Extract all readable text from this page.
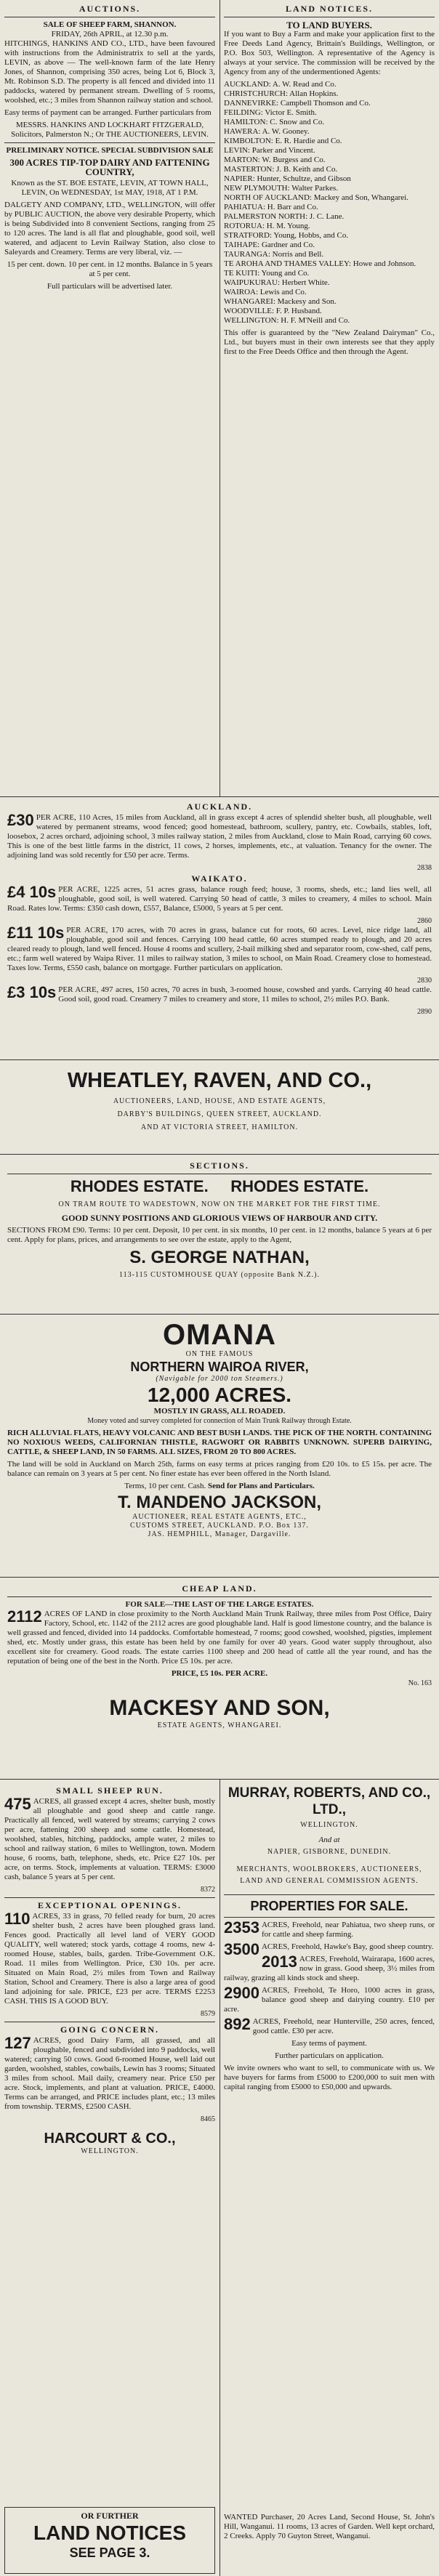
AUCTIONS.
SALE OF SHEEP FARM, SHANNON.
FRIDAY, 26th APRIL, at 12.30 p.m.

HITCHINGS, HANKINS AND CO., LTD., have been favoured with instructions from the Administratrix to sell at the yards, LEVIN, as above — The well-known farm of the late Henry Jones, of Shannon, comprising 350 acres, being Lot 6, Block 3, Mt. Robinson S.D. The property is all fenced and divided into 11 paddocks, watered by permanent stream. Dwelling of 5 rooms, woolshed, etc.; 3 miles from Shannon railway station and school.

Easy terms of payment can be arranged. Further particulars from

MESSRS. HANKINS AND LOCKHART FITZGERALD, Solicitors, Palmerston N.; Or THE AUCTIONEERS, LEVIN.

PRELIMINARY NOTICE. SPECIAL SUBDIVISION SALE
300 ACRES TIP-TOP DAIRY AND FATTENING COUNTRY,

Known as the ST. BOE ESTATE, LEVIN, AT TOWN HALL, LEVIN, On WEDNESDAY, 1st MAY, 1918, AT 1 P.M.

DALGETY AND COMPANY, LTD., WELLINGTON, will offer by PUBLIC AUCTION, the above very desirable Property, which is being Subdivided into 8 convenient Sections, ranging from 25 to 120 acres. The land is all flat and ploughable, good soil, well watered, and adjacent to Levin Railway Station, also close to Saleyards and Creamery. Terms are very liberal, viz. —

15 per cent. down. 10 per cent. in 12 months. Balance in 5 years at 5 per cent.

Full particulars will be advertised later.

LAND NOTICES.
TO LAND BUYERS.

If you want to Buy a Farm and make your application first to the Free Deeds Land Agency, Brittain's Buildings, Wellington, or P.O. Box 503, Wellington. A representative of the Agency is always at your service. The commission will be received by the Agency from any of the undermentioned Agents:

AUCKLAND: A. W. Read and Co.
CHRISTCHURCH: Allan Hopkins.
DANNEVIRKE: Campbell Thomson and Co.
FEILDING: Victor E. Smith.
HAMILTON: C. Snow and Co.
HAWERA: A. W. Gooney.
KIMBOLTON: E. R. Hardie and Co.
LEVIN: Parker and Vincent.
MARTON: W. Burgess and Co.
MASTERTON: J. B. Keith and Co.
NAPIER: Hunter, Schultze, and Gibson
NEW PLYMOUTH: Walter Parkes.
NORTH OF AUCKLAND: Mackey and Son, Whangarei.
PAHIATUA: H. Barr and Co.
PALMERSTON NORTH: J. C. Lane.
ROTORUA: H. M. Young.
STRATFORD: Young, Hobbs, and Co.
TAIHAPE: Gardner and Co.
TAURANGA: Norris and Bell.
TE AROHA AND THAMES VALLEY: Howe and Johnson.
TE KUITI: Young and Co.
WAIPUKURAU: Herbert White.
WAIROA: Lewis and Co.
WHANGAREI: Mackesy and Son.
WOODVILLE: F. P. Husband.
WELLINGTON: H. F. M'Neill and Co.

This offer is guaranteed by the "New Zealand Dairyman" Co., Ltd., but buyers must in their own interests see that they apply first to the Free Deeds Office and then through the Agent.

AUCKLAND.

£30 PER ACRE, 110 Acres, 15 miles from Auckland, all in grass except 4 acres of splendid shelter bush, all ploughable, well watered by permanent streams, wood fenced; good homestead, bathroom, scullery, pantry, etc. Cowbails, stables, loft, loosebox, 2 acres orchard, adjoining school, 3 miles railway station, 2 miles from Auckland, close to Main Road, carrying 60 cows. This is one of the best little farms in the district, 11 cows, 2 horses, implements, etc., at valuation. Tenancy for the owner. The adjoining land was sold recently for £50 per acre. Terms.

2838
WAIKATO.

£4 10s PER ACRE, 1225 acres, 51 acres grass, balance rough feed; house, 3 rooms, sheds, etc.; land lies well, all ploughable, good soil, is well watered. Carrying 50 head of cattle, 3 miles to creamery, 4 miles to school. Main Road. Rates low. Terms: £350 cash down, £557, Balance, £5000, 5 years at 5 per cent.

2860

£11 10s PER ACRE, 170 acres, with 70 acres in grass, balance cut for roots, 60 acres. Level, nice ridge land, all ploughable, good soil and fences. Carrying 100 head cattle, 60 acres stumped ready to plough, and 20 acres cleared ready to plough, land well fenced. House 4 rooms and scullery, 2-bail milking shed and separator room, cow-shed, calf pens, etc.; farm well watered by Waipa River. 11 miles to railway station, 3 miles to school, on Main Road. Creamery close to homestead. Taxes low. Terms, £550 cash, balance on mortgage. Further particulars on application.

2830

£3 10s PER ACRE, 497 acres, 150 acres, 70 acres in bush, 3-roomed house, cowshed and yards. Carrying 40 head cattle. Good soil, good road. Creamery 7 miles to creamery and store, 11 miles to school, 2½ miles P.O. Bank.

2890
WHEATLEY, RAVEN, AND CO.,
AUCTIONEERS, LAND, HOUSE, AND ESTATE AGENTS,
DARBY'S BUILDINGS, QUEEN STREET, AUCKLAND.
AND AT VICTORIA STREET, HAMILTON.
SECTIONS.
RHODES ESTATE.     RHODES ESTATE.
ON TRAM ROUTE TO WADESTOWN, NOW ON THE MARKET FOR THE FIRST TIME.
GOOD SUNNY POSITIONS AND GLORIOUS VIEWS OF HARBOUR AND CITY.

SECTIONS FROM £90. Terms: 10 per cent. Deposit, 10 per cent. in six months, 10 per cent. in 12 months, balance 5 years at 6 per cent. Apply for plans, prices, and arrangements to see over the estate, apply to the Agent,

S. GEORGE NATHAN,
113-115 CUSTOMHOUSE QUAY (opposite Bank N.Z.).
OMANA
ON THE FAMOUS
NORTHERN WAIROA RIVER,
(Navigable for 2000 ton Steamers.)
12,000 ACRES.
MOSTLY IN GRASS, ALL ROADED.
Money voted and survey completed for connection of Main Trunk Railway through Estate.

RICH ALLUVIAL FLATS, HEAVY VOLCANIC AND BEST BUSH LANDS. THE PICK OF THE NORTH. CONTAINING NO NOXIOUS WEEDS, CALIFORNIAN THISTLE, RAGWORT OR RABBITS UNKNOWN. SUPERB DAIRYING, CATTLE, & SHEEP LAND, IN 50 FARMS. ALL SIZES, FROM 20 TO 800 ACRES.

The land will be sold in Auckland on March 25th, farms on easy terms at prices ranging from £20 10s. to £5 15s. per acre. The balance can remain on 3 years at 5 per cent. No finer estate has ever been offered in the North Island.

Terms, 10 per cent. Cash. Send for Plans and Particulars.
T. MANDENO JACKSON,
AUCTIONEER, REAL ESTATE AGENTS, ETC.,
CUSTOMS STREET, AUCKLAND. P.O. Box 137.
JAS. HEMPHILL, Manager, Dargaville.
CHEAP LAND.
FOR SALE—THE LAST OF THE LARGE ESTATES.

2112 ACRES OF LAND in close proximity to the North Auckland Main Trunk Railway, three miles from Post Office, Dairy Factory, School, etc. 1142 of the 2112 acres are good ploughable land. Half is good limestone country, and the balance is well grassed and fenced, divided into 14 paddocks. Comfortable homestead, 7 rooms; good cowshed, woolshed, pigsties, implement shed, etc. Mostly under grass, this estate has been held by one family for over 40 years. Good water supply throughout, also excellent site for creamery. Good roads. The estate carries 1100 sheep and 200 head of cattle all the year round, and has the reputation of being one of the best in the North. Price £5 10s. per acre.

PRICE, £5 10s. PER ACRE.
No. 163
MACKESY AND SON,
ESTATE AGENTS, WHANGAREI.
SMALL SHEEP RUN.

475 ACRES, all grassed except 4 acres, shelter bush, mostly all ploughable and good sheep and cattle range. Practically all fenced, well watered by streams; carrying 2 cows per acre, fattening 200 sheep and some cattle. Homestead, woolshed, stables, hitching, paddocks, ample water, 2 miles to school and railway station, 6 miles to Wellington, town. Modern house, 6 rooms, bath, telephone, sheds, etc. Price £27 10s. per acre, on terms. Stock, implements at valuation. TERMS: £3000 cash, balance 5 years at 5 per cent.

8372
EXCEPTIONAL OPENINGS.

110 ACRES, 33 in grass, 70 felled ready for burn, 20 acres shelter bush, 2 acres have been ploughed grass land. Fences good. Practically all level land of VERY GOOD QUALITY, well watered; stock yards, cottage 4 rooms, new 4-roomed House, stables, bails, garden. Tribe-Government O.K. Road. 11 miles from Wellington. Price, £30 10s. per acre. Situated on Main Road, 2½ miles from Town and Railway Station, School and Creamery. There is also a large area of good land adjoining for sale. PRICE, £23 per acre. TERMS £2253 CASH. THIS IS A GOOD BUY.

8579
GOING CONCERN.

127 ACRES, good Dairy Farm, all grassed, and all ploughable, fenced and subdivided into 9 paddocks, well watered; carrying 50 cows. Good 6-roomed House, well laid out garden, woolshed, stables, cowbails, Lewin has 3 rooms; Situated 3 miles from school. Mail daily, creamery near. Price £50 per acre. Stock, implements, and plant at valuation. PRICE, £4000. Terms can be arranged, and PRICE includes plant, etc.; 13 miles from township. TERMS, £2500 CASH.

8465
HARCOURT & CO.,
WELLINGTON.
MURRAY, ROBERTS, AND CO., LTD.,
WELLINGTON.
And at
NAPIER, GISBORNE, DUNEDIN.
MERCHANTS, WOOLBROKERS, AUCTIONEERS, LAND AND GENERAL COMMISSION AGENTS.
PROPERTIES FOR SALE.

2353 ACRES, Freehold, near Pahiatua, two sheep runs, or for cattle and sheep farming.

3500 ACRES, Freehold, Hawke's Bay, good sheep country.

2013 ACRES, Freehold, Wairarapa, 1600 acres, now in grass. Good sheep, 3½ miles from railway, grazing all kinds stock and sheep.

2900 ACRES, Freehold, Te Horo, 1000 acres in grass, balance good sheep and dairying country. £10 per acre.

892 ACRES, Freehold, near Hunterville, 250 acres, fenced, good cattle. £30 per acre.

Easy terms of payment.

Further particulars on application.

We invite owners who want to sell, to communicate with us. We have buyers for farms from £5000 to £200,000 to suit men with capital ranging from £5000 to £50,000 and upwards.

OR FURTHER
LAND NOTICES
SEE PAGE 3.

WANTED Purchaser, 20 Acres Land, Second House, St. John's Hill, Wanganui. 11 rooms, 13 acres of Garden. Well kept orchard, 2 Creeks. Apply 70 Guyton Street, Wanganui.
